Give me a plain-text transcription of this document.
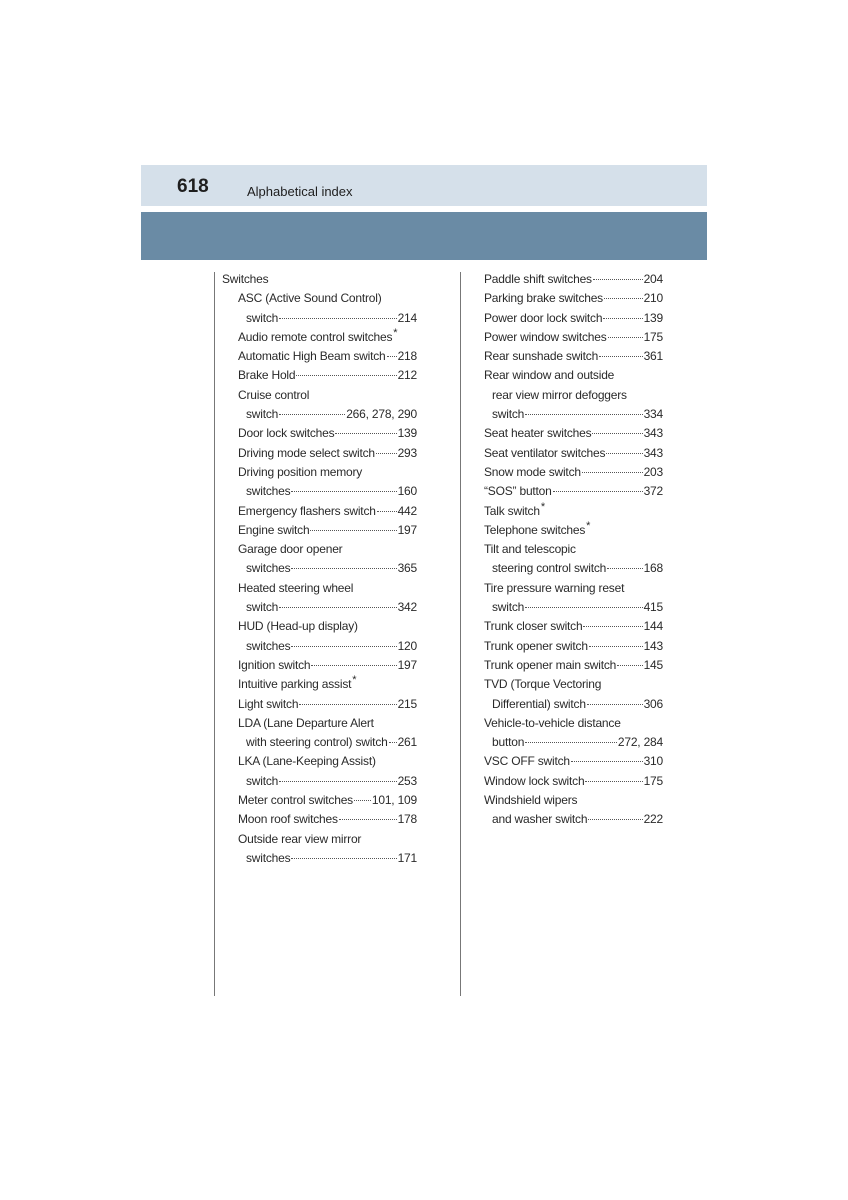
618	Alphabetical index
Switches
ASC (Active Sound Control)
switch	214
Audio remote control switches*
Automatic High Beam switch 218
Brake Hold	212
Cruise control
switch	266, 278, 290
Door lock switches	139
Driving mode select switch 293
Driving position memory
switches	160
Emergency flashers switch 442
Engine switch	197
Garage door opener
switches	365
Heated steering wheel
switch	342
HUD (Head-up display)
switches	120
Ignition switch	197
Intuitive parking assist*
Light switch	215
LDA (Lane Departure Alert
with steering control) switch 261
LKA (Lane-Keeping Assist)
switch	253
Meter control switches 101, 109
Moon roof switches	178
Outside rear view mirror
switches	171
Paddle shift switches	204
Parking brake switches	210
Power door lock switch	139
Power window switches	175
Rear sunshade switch	361
Rear window and outside
rear view mirror defoggers
switch	334
Seat heater switches	343
Seat ventilator switches	343
Snow mode switch	203
“SOS” button	372
Talk switch*
Telephone switches*
Tilt and telescopic
steering control switch	168
Tire pressure warning reset
switch	415
Trunk closer switch	144
Trunk opener switch	143
Trunk opener main switch 145
TVD (Torque Vectoring
Differential) switch	306
Vehicle-to-vehicle distance
button	272, 284
VSC OFF switch	310
Window lock switch	175
Windshield wipers
and washer switch	222
